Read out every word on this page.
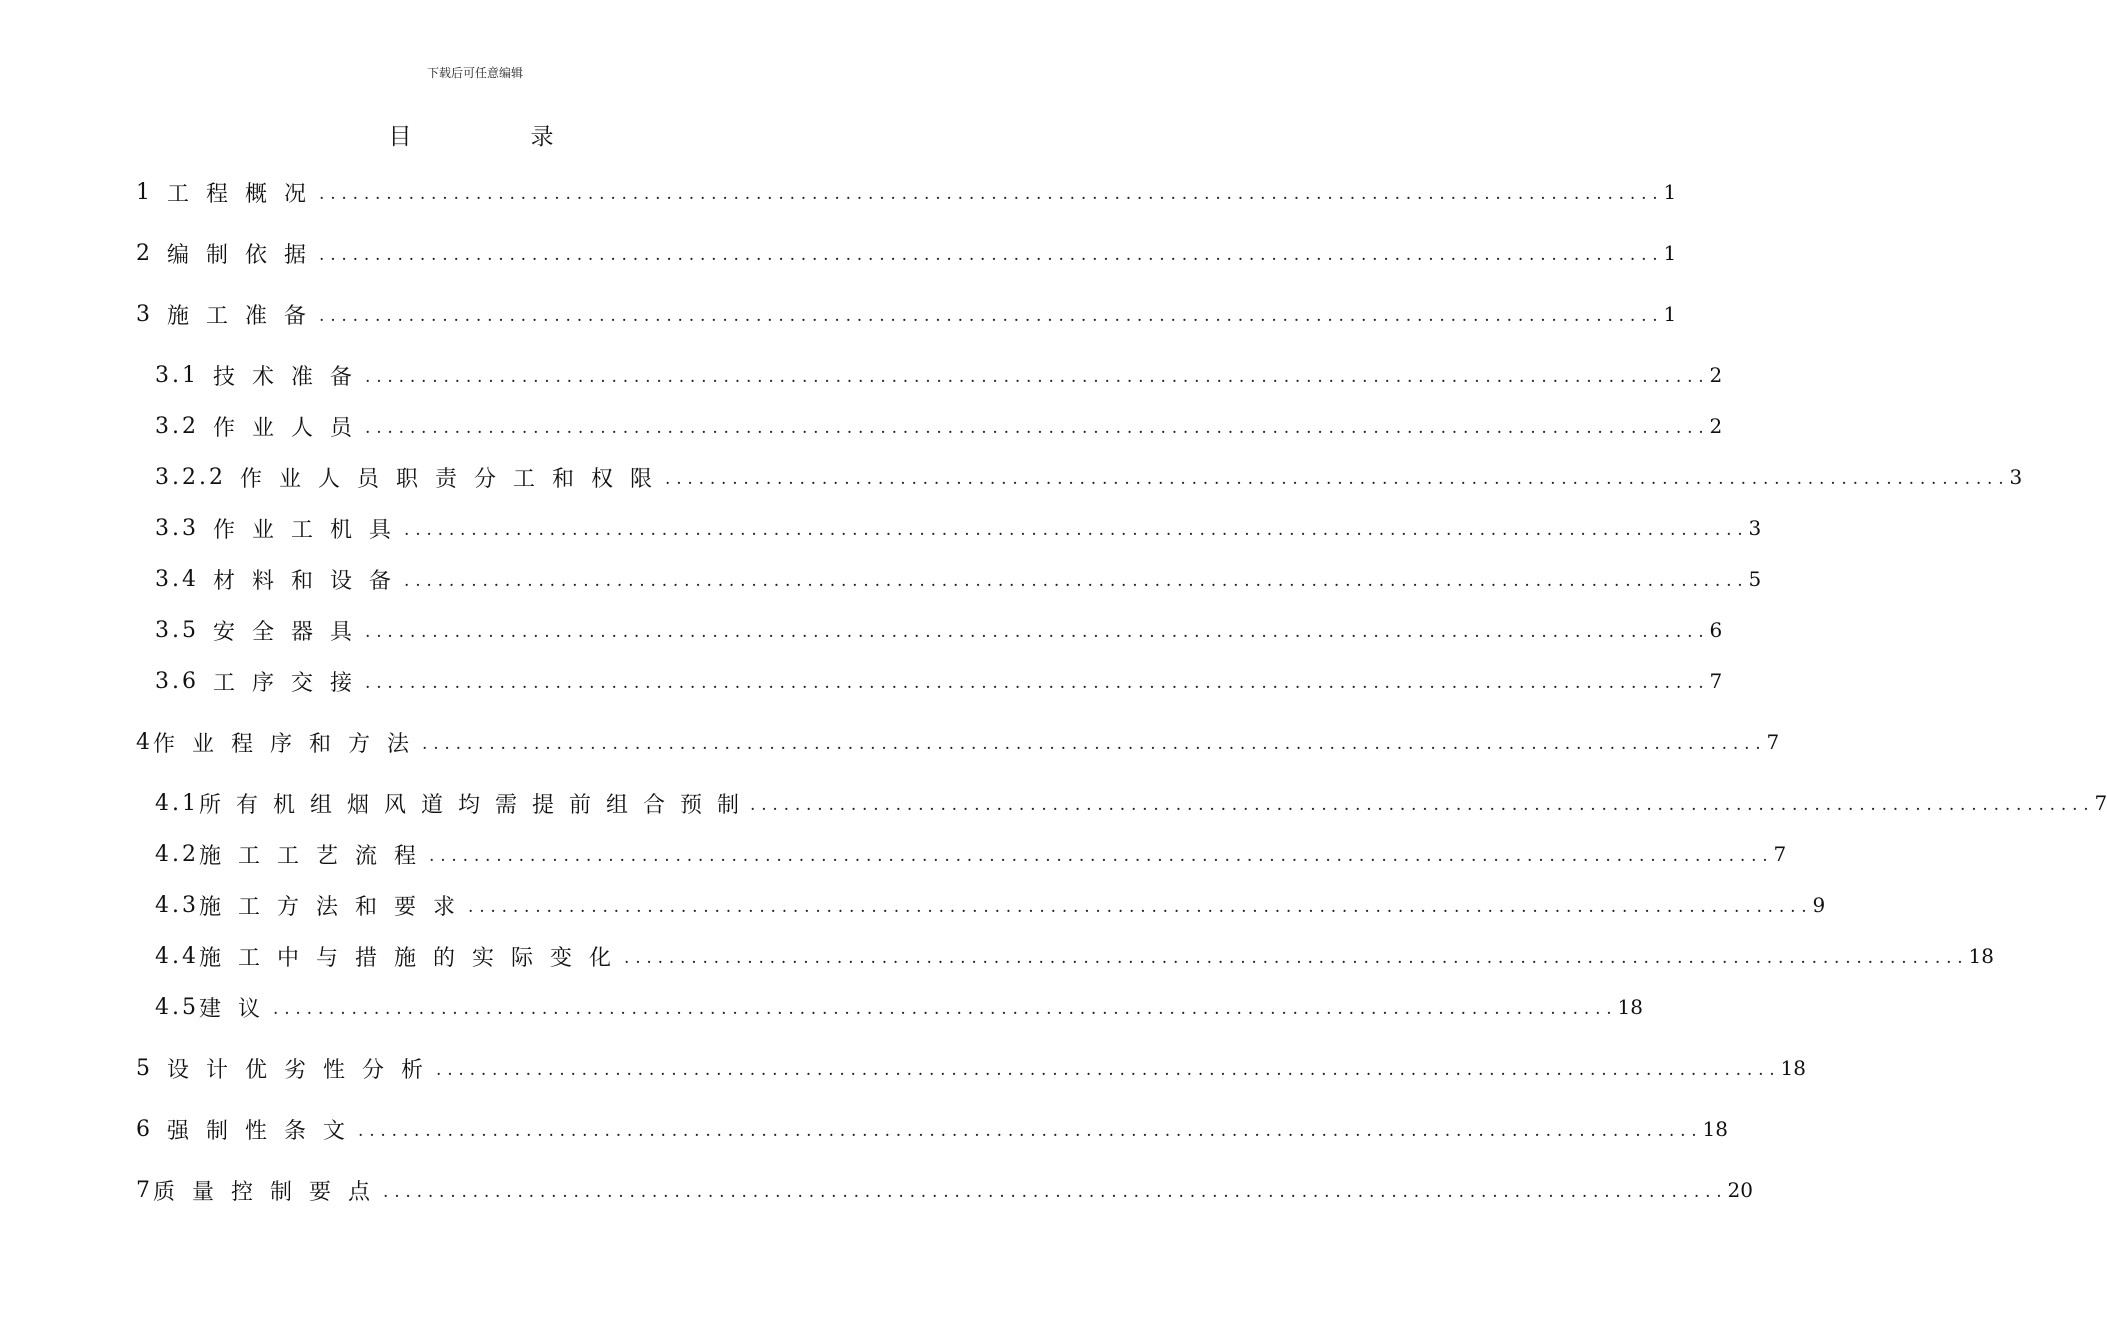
下载后可任意编辑
目　录
1 工程概况
........................................................................................................................ 1
2 编制依据
........................................................................................................................ 1
3 施工准备
........................................................................................................................ 1
3.1 技术准备
........................................................................................................................ 2
3.2 作业人员
........................................................................................................................ 2
3.2.2 作业人员职责分工和权限
........................................................................................................................ 3
3.3 作业工机具
........................................................................................................................ 3
3.4 材料和设备
........................................................................................................................ 5
3.5 安全器具
........................................................................................................................ 6
3.6 工序交接
........................................................................................................................ 7
4 作业程序和方法
........................................................................................................................ 7
4.1 所有机组烟风道均需提前组合预制
........................................................................................................................ 7
4.2 施工工艺流程
........................................................................................................................ 7
4.3 施工方法和要求
........................................................................................................................ 9
4.4 施工中与措施的实际变化
........................................................................................................................ 18
4.5 建议
........................................................................................................................ 18
5 设计优劣性分析
........................................................................................................................ 18
6 强制性条文
........................................................................................................................ 18
7 质量控制要点
........................................................................................................................ 20
